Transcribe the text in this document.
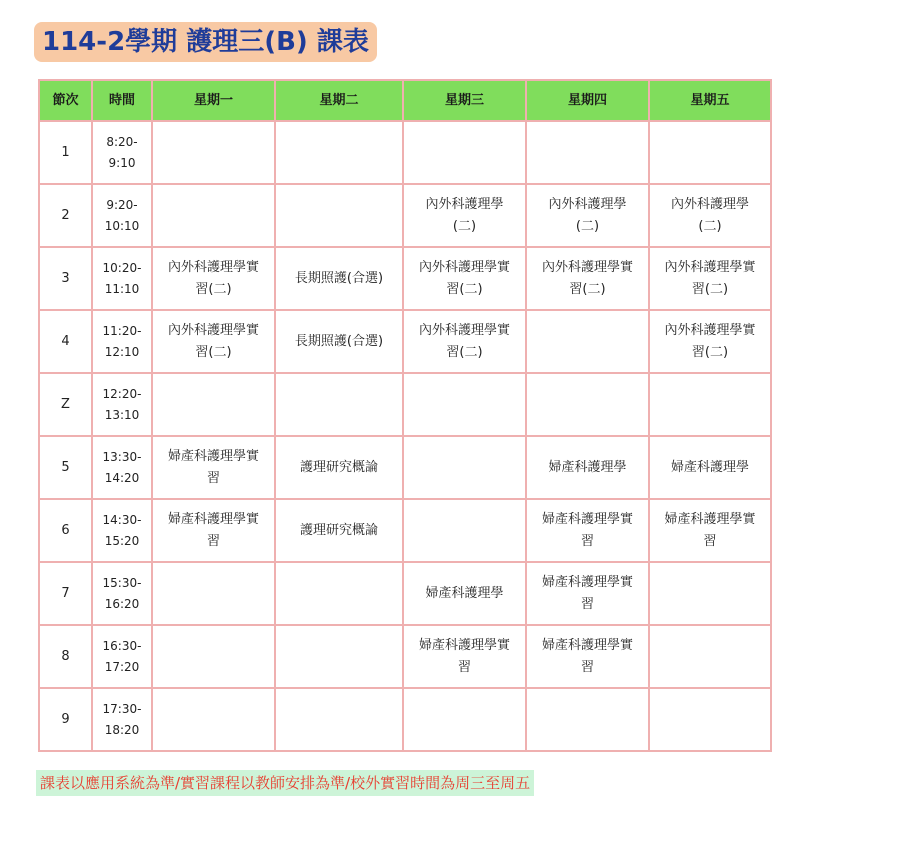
114-2學期 護理三(B) 課表
節次	時間	星期一	星期二	星期三	星期四	星期五
1	8:20-
9:10					
2	9:20-
10:10			內外科護理學
(二)	內外科護理學
(二)	內外科護理學
(二)
3	10:20-
11:10	內外科護理學實
習(二)	長期照護(合選)	內外科護理學實
習(二)	內外科護理學實
習(二)	內外科護理學實
習(二)
4	11:20-
12:10	內外科護理學實
習(二)	長期照護(合選)	內外科護理學實
習(二)		內外科護理學實
習(二)
Z	12:20-
13:10					
5	13:30-
14:20	婦產科護理學實
習	護理研究概論		婦產科護理學	婦產科護理學
6	14:30-
15:20	婦產科護理學實
習	護理研究概論		婦產科護理學實
習	婦產科護理學實
習
7	15:30-
16:20			婦產科護理學	婦產科護理學實
習	
8	16:30-
17:20			婦產科護理學實
習	婦產科護理學實
習	
9	17:30-
18:20					
課表以應用系統為準/實習課程以教師安排為準/校外實習時間為周三至周五
